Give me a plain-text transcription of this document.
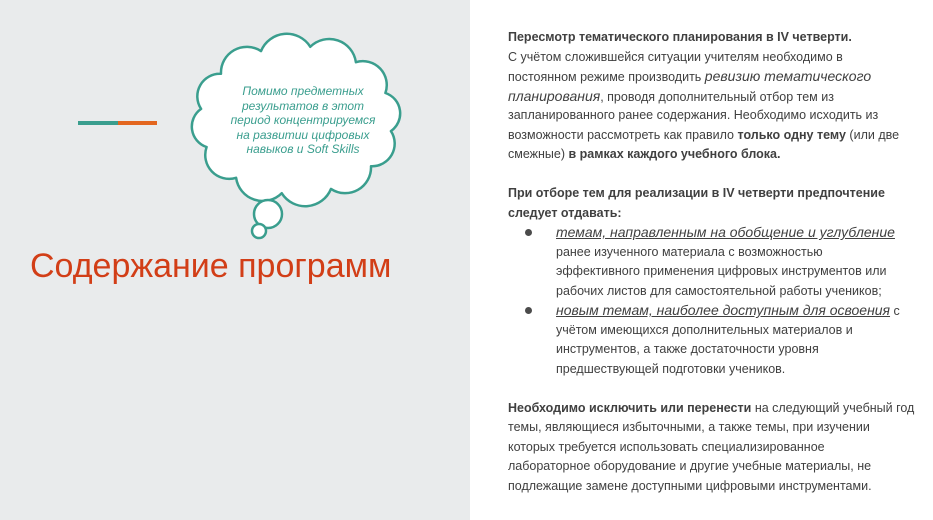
Помимо предметных
результатов в этот
период концентрируемся
на развитии цифровых
навыков и Soft Skills
Содержание программ
Пересмотр тематического планирования в IV четверти.
С учётом сложившейся ситуации учителям необходимо в
постоянном режиме производить ревизию тематического
планирования, проводя дополнительный отбор тем из
запланированного ранее содержания. Необходимо исходить из
возможности рассмотреть как правило только одну тему (или две
смежные) в рамках каждого учебного блока.
При отборе тем для реализации в IV четверти предпочтение
следует отдавать:
темам, направленным на обобщение и углубление
ранее изученного материала с возможностью
эффективного применения цифровых инструментов или
рабочих листов для самостоятельной работы учеников;
новым темам, наиболее доступным для освоения с
учётом имеющихся дополнительных материалов и
инструментов, а также достаточности уровня
предшествующей подготовки учеников.
Необходимо исключить или перенести на следующий учебный год
темы, являющиеся избыточными, а также темы, при изучении
которых требуется использовать специализированное
лабораторное оборудование и другие учебные материалы, не
подлежащие замене доступными цифровыми инструментами.
